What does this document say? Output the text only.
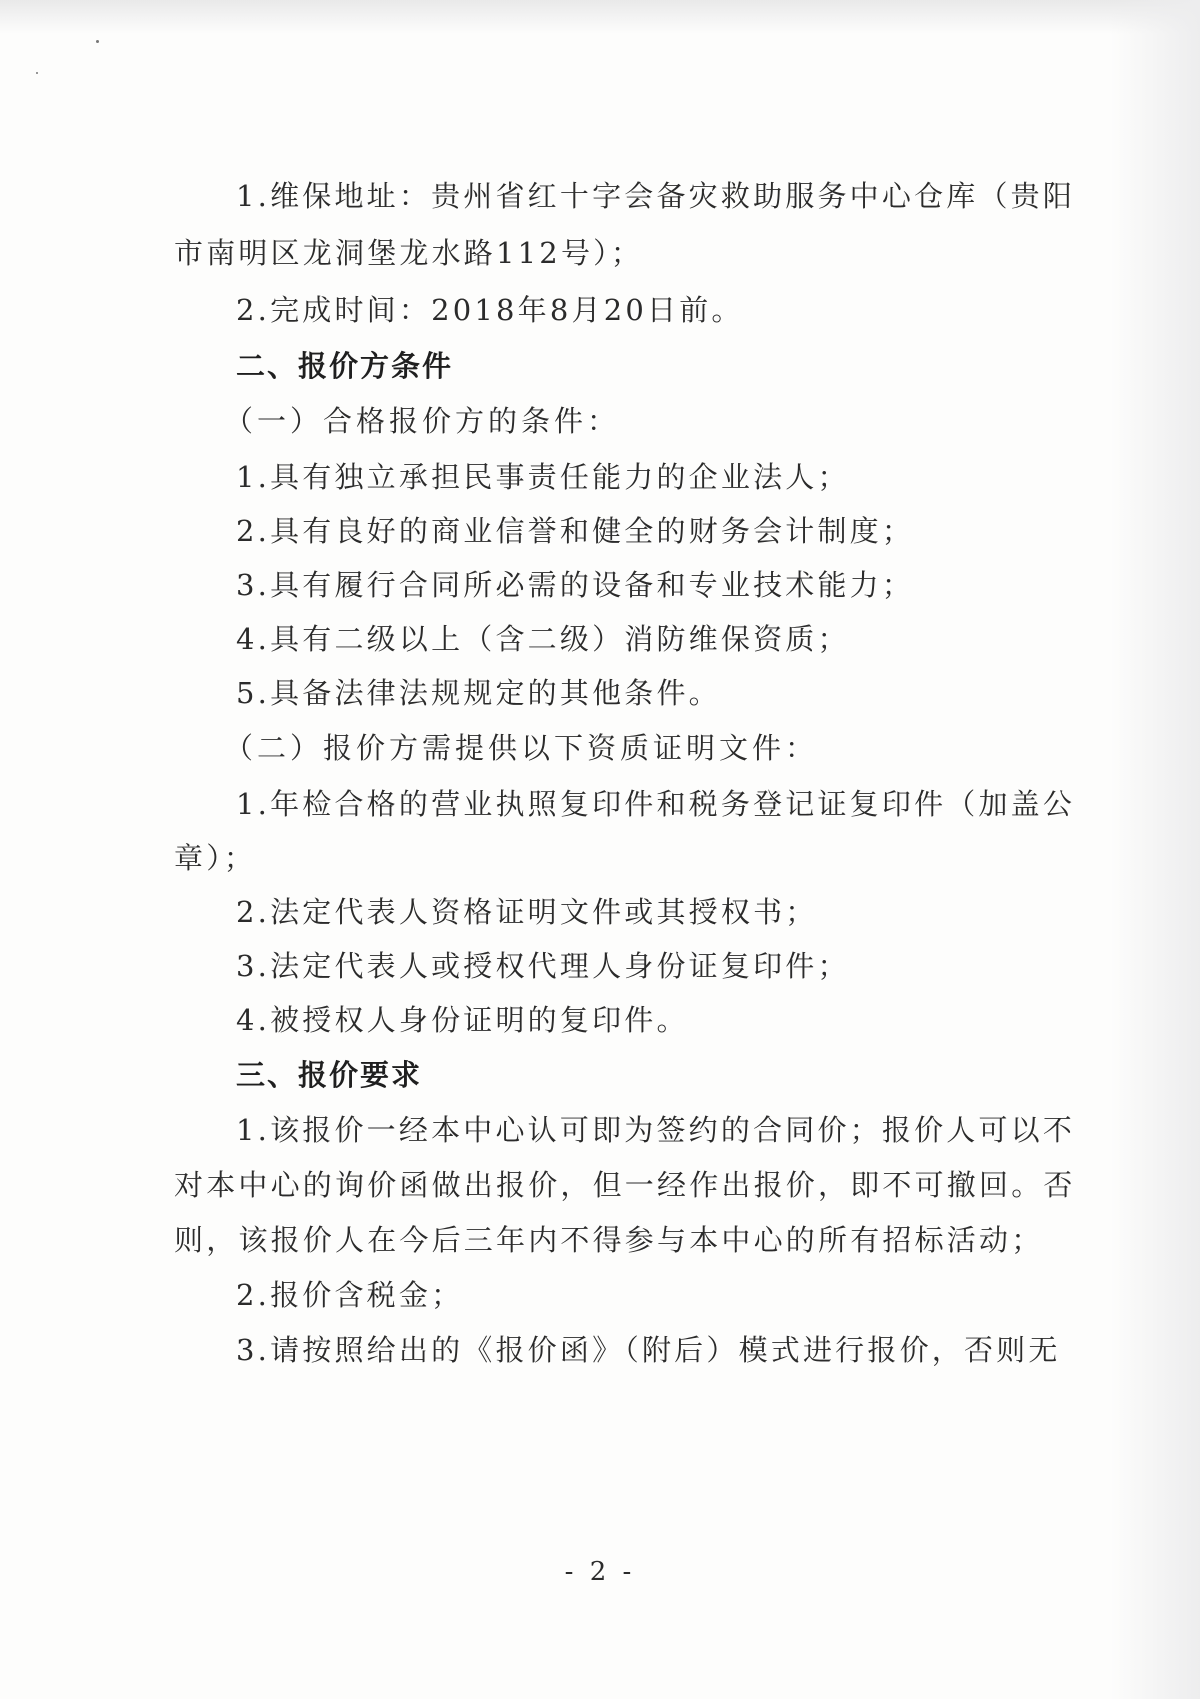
1.维保地址：贵州省红十字会备灾救助服务中心仓库（贵阳
市南明区龙洞堡龙水路112号）；
2.完成时间：2018年8月20日前。
二、报价方条件
（一）合格报价方的条件：
1.具有独立承担民事责任能力的企业法人；
2.具有良好的商业信誉和健全的财务会计制度；
3.具有履行合同所必需的设备和专业技术能力；
4.具有二级以上（含二级）消防维保资质；
5.具备法律法规规定的其他条件。
（二）报价方需提供以下资质证明文件：
1.年检合格的营业执照复印件和税务登记证复印件（加盖公
章）；
2.法定代表人资格证明文件或其授权书；
3.法定代表人或授权代理人身份证复印件；
4.被授权人身份证明的复印件。
三、报价要求
1.该报价一经本中心认可即为签约的合同价；报价人可以不
对本中心的询价函做出报价，但一经作出报价，即不可撤回。否
则，该报价人在今后三年内不得参与本中心的所有招标活动；
2.报价含税金；
3.请按照给出的《报价函》（附后）模式进行报价，否则无
- 2 -
